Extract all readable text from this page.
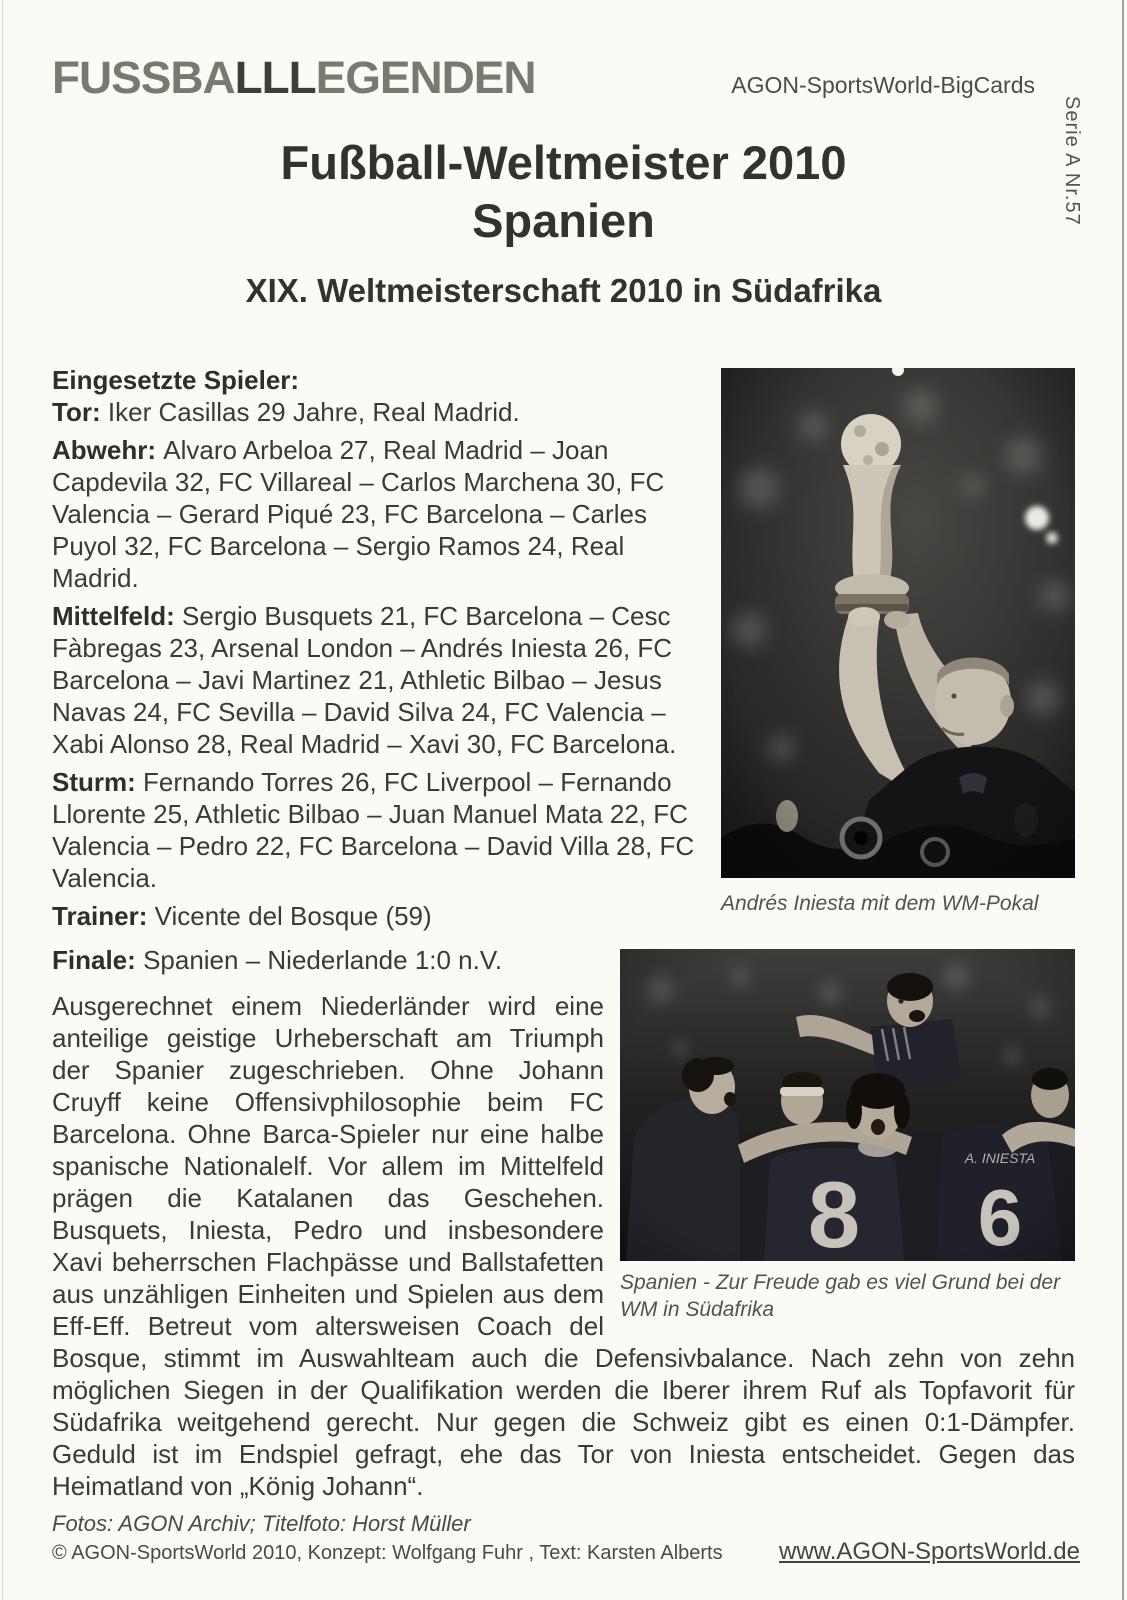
FUSSBALLLEGENDEN	AGON-SportsWorld-BigCards
Serie A Nr.57
Fußball-Weltmeister 2010
Spanien
XIX. Weltmeisterschaft 2010 in Südafrika
Andrés Iniesta mit dem WM-Pokal
Spanien - Zur Freude gab es viel Grund bei der WM in Südafrika

Eingesetzte Spieler:

Tor: Iker Casillas 29 Jahre, Real Madrid.

Abwehr: Alvaro Arbeloa 27, Real Madrid – Joan Capdevila 32, FC Villareal – Carlos Marchena 30, FC Valencia – Gerard Piqué 23, FC Barcelona – Carles Puyol 32, FC Barcelona – Sergio Ramos 24, Real Madrid.

Mittelfeld: Sergio Busquets 21, FC Barcelona – Cesc Fàbregas 23, Arsenal London – Andrés Iniesta 26, FC Barcelona – Javi Martinez 21, Athletic Bilbao – Jesus Navas 24, FC Sevilla – David Silva 24, FC Valencia – Xabi Alonso 28, Real Madrid – Xavi 30, FC Barcelona.

Sturm: Fernando Torres 26, FC Liverpool – Fernando Llorente 25, Athletic Bilbao – Juan Manuel Mata 22, FC Valencia – Pedro 22, FC Barcelona – David Villa 28, FC Valencia.

Trainer: Vicente del Bosque (59)

Finale: Spanien – Niederlande 1:0 n.V.

Ausgerechnet einem Niederländer wird eine anteilige geistige Urheberschaft am Triumph der Spanier zugeschrieben. Ohne Johann Cruyff keine Offensivphilosophie beim FC Barcelona. Ohne Barca-Spieler nur eine halbe spanische Nationalelf. Vor allem im Mittelfeld prägen die Katalanen das Geschehen. Busquets, Iniesta, Pedro und insbesondere Xavi beherrschen Flachpässe und Ballstafetten aus unzähligen Einheiten und Spielen aus dem Eff-Eff. Betreut vom altersweisen Coach del Bosque, stimmt im Auswahlteam auch die Defensivbalance. Nach zehn von zehn möglichen Siegen in der Qualifikation werden die Iberer ihrem Ruf als Topfavorit für Südafrika weitgehend gerecht. Nur gegen die Schweiz gibt es einen 0:1-Dämpfer. Geduld ist im Endspiel gefragt, ehe das Tor von Iniesta entscheidet. Gegen das Heimatland von „König Johann“.

Fotos: AGON Archiv; Titelfoto: Horst Müller

© AGON-SportsWorld 2010, Konzept: Wolfgang Fuhr , Text: Karsten Alberts www.AGON-SportsWorld.de
